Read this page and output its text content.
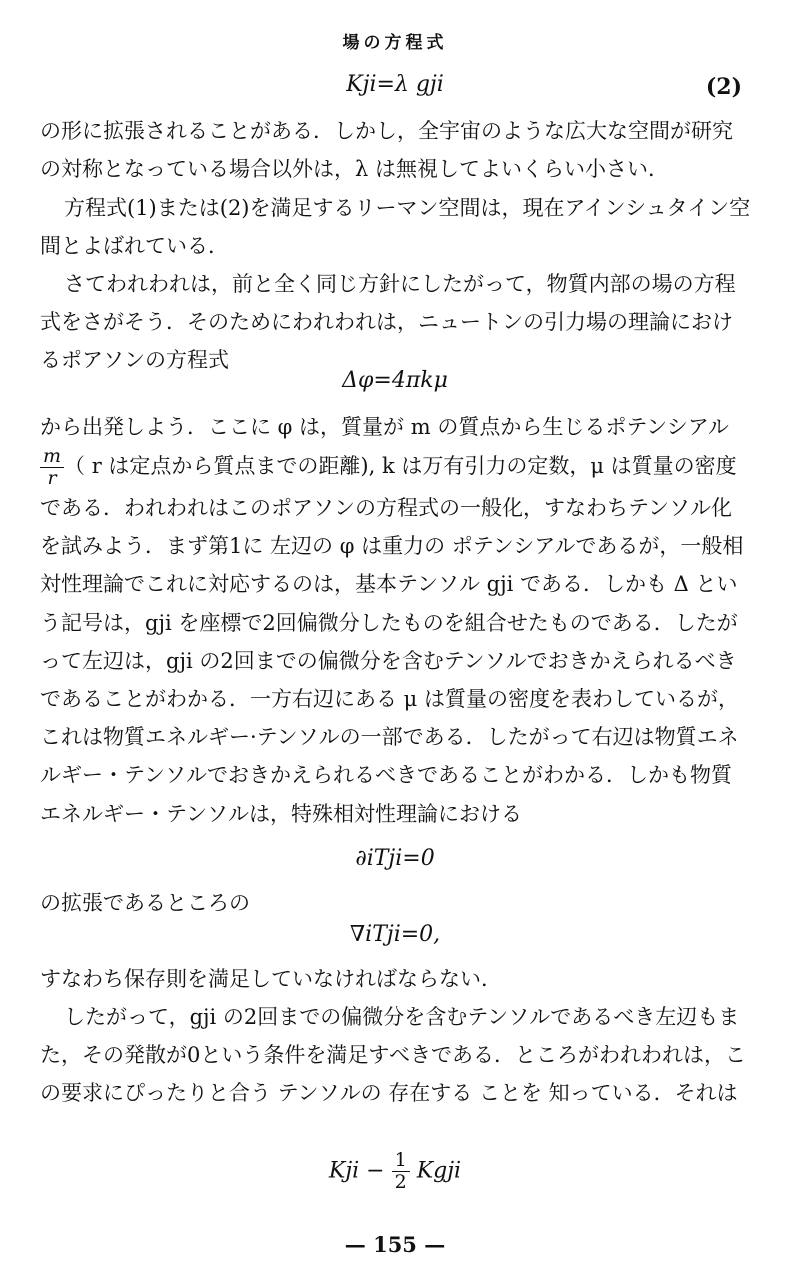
場の方程式
Kji=λ gji	(2)

の形に拡張されることがある．しかし，全宇宙のような広大な空間が研究の対称となっている場合以外は，λ は無視してよいくらい小さい．

方程式(1)または(2)を満足するリーマン空間は，現在アインシュタイン空間とよばれている．

さてわれわれは，前と全く同じ方針にしたがって，物質内部の場の方程式をさがそう．そのためにわれわれは，ニュートンの引力場の理論におけるポアソンの方程式

Δφ=4πkμ

から出発しよう．ここに φ は，質量が m の質点から生じるポテンシアル
$\frac{m}{r}$ （ r は定点から質点までの距離), k は万有引力の定数，μ は質量の密度である．われわれはこのポアソンの方程式の一般化，すなわちテンソル化を試みよう．まず第1に 左辺の φ は重力の ポテンシアルであるが，一般相対性理論でこれに対応するのは，基本テンソル gji である．しかも Δ という記号は，gji を座標で2回偏微分したものを組合せたものである．したがって左辺は，gji の2回までの偏微分を含むテンソルでおきかえられるべきであることがわかる．一方右辺にある μ は質量の密度を表わしているが，これは物質エネルギー·テンソルの一部である．したがって右辺は物質エネルギー・テンソルでおきかえられるべきであることがわかる．しかも物質エネルギー・テンソルは，特殊相対性理論における

∂iTji=0

の拡張であるところの

∇iTji=0,

すなわち保存則を満足していなければならない．

したがって，gji の2回までの偏微分を含むテンソルであるべき左辺もまた，その発散が0という条件を満足すべきである．ところがわれわれは，この要求にぴったりと合う テンソルの 存在する ことを 知っている．それは

Kji − $\frac{1}{2}$ Kgji
— 155 —
